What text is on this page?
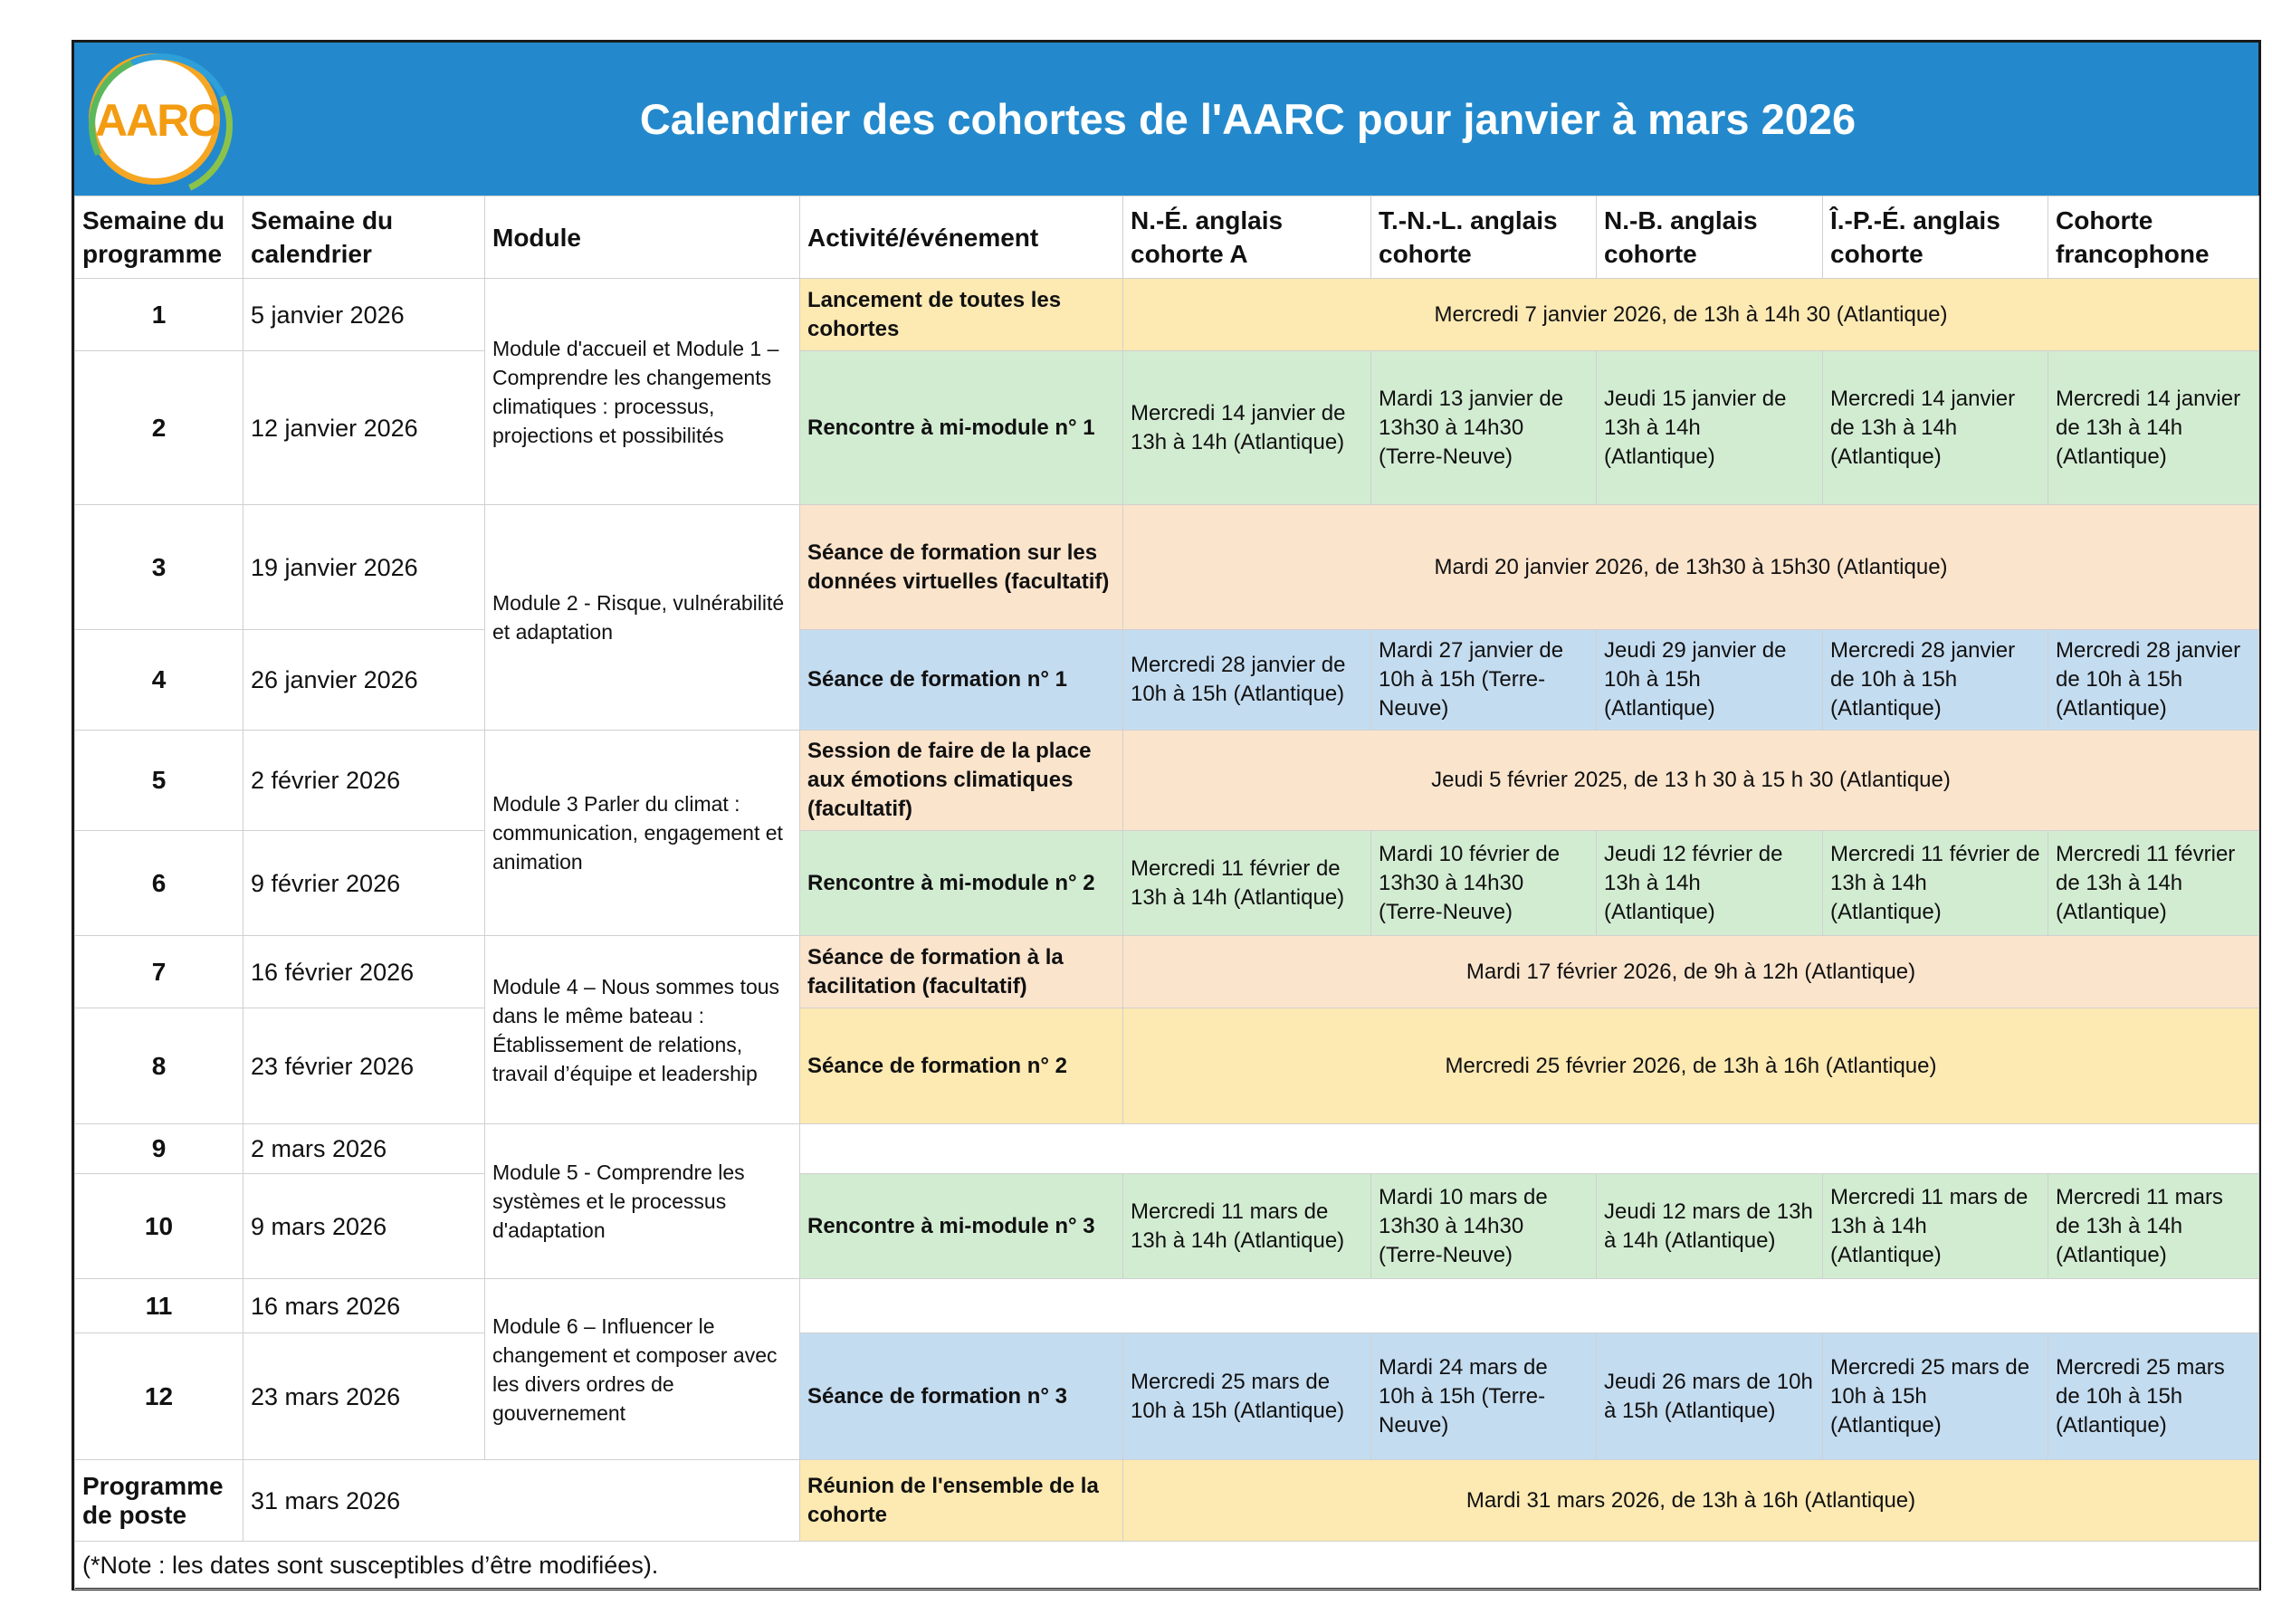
AARC	Calendrier des cohortes de l'AARC pour janvier à mars 2026
Semaine du programme	Semaine du calendrier	Module	Activité/événement	N.-É. anglais cohorte A	T.-N.-L. anglais cohorte	N.-B. anglais cohorte	Î.-P.-É. anglais cohorte	Cohorte francophone
1	5 janvier 2026	Module d'accueil et Module 1 – Comprendre les changements climatiques : processus, projections et possibilités	Lancement de toutes les cohortes	Mercredi 7 janvier 2026, de 13h à 14h 30 (Atlantique)				
2	12 janvier 2026		Rencontre à mi-module n° 1	Mercredi 14 janvier de 13h à 14h (Atlantique)	Mardi 13 janvier de 13h30 à 14h30 (Terre-Neuve)	Jeudi 15 janvier de 13h à 14h (Atlantique)	Mercredi 14 janvier de 13h à 14h (Atlantique)	Mercredi 14 janvier de 13h à 14h (Atlantique)
3	19 janvier 2026	Module 2 - Risque, vulnérabilité et adaptation	Séance de formation sur les données virtuelles (facultatif)	Mardi 20 janvier 2026, de 13h30 à 15h30 (Atlantique)				
4	26 janvier 2026		Séance de formation n° 1	Mercredi 28 janvier de 10h à 15h (Atlantique)	Mardi 27 janvier de 10h à 15h (Terre-Neuve)	Jeudi 29 janvier de 10h à 15h (Atlantique)	Mercredi 28 janvier de 10h à 15h (Atlantique)	Mercredi 28 janvier de 10h à 15h (Atlantique)
5	2 février 2026	Module 3 Parler du climat : communication, engagement et animation	Session de faire de la place aux émotions climatiques (facultatif)	Jeudi 5 février 2025, de 13 h 30 à 15 h 30 (Atlantique)				
6	9 février 2026		Rencontre à mi-module n° 2	Mercredi 11 février de 13h à 14h (Atlantique)	Mardi 10 février de 13h30 à 14h30 (Terre-Neuve)	Jeudi 12 février de 13h à 14h (Atlantique)	Mercredi 11 février de 13h à 14h (Atlantique)	Mercredi 11 février de 13h à 14h (Atlantique)
7	16 février 2026	Module 4 – Nous sommes tous dans le même bateau : Établissement de relations, travail d’équipe et leadership	Séance de formation à la facilitation (facultatif)	Mardi 17 février 2026, de 9h à 12h (Atlantique)				
8	23 février 2026		Séance de formation n° 2	Mercredi 25 février 2026, de 13h à 16h (Atlantique)				
9	2 mars 2026	Module 5 - Comprendre les systèmes et le processus d'adaptation						
10	9 mars 2026		Rencontre à mi-module n° 3	Mercredi 11 mars de 13h à 14h (Atlantique)	Mardi 10 mars de 13h30 à 14h30 (Terre-Neuve)	Jeudi 12 mars de 13h à 14h (Atlantique)	Mercredi 11 mars de 13h à 14h (Atlantique)	Mercredi 11 mars de 13h à 14h (Atlantique)
11	16 mars 2026	Module 6 – Influencer le changement et composer avec les divers ordres de gouvernement						
12	23 mars 2026		Séance de formation n° 3	Mercredi 25 mars de 10h à 15h (Atlantique)	Mardi 24 mars de 10h à 15h (Terre-Neuve)	Jeudi 26 mars de 10h à 15h (Atlantique)	Mercredi 25 mars de 10h à 15h (Atlantique)	Mercredi 25 mars de 10h à 15h (Atlantique)
Programme de poste	31 mars 2026		Réunion de l'ensemble de la cohorte	Mardi 31 mars 2026, de 13h à 16h (Atlantique)				
(*Note : les dates sont susceptibles d’être modifiées).								
